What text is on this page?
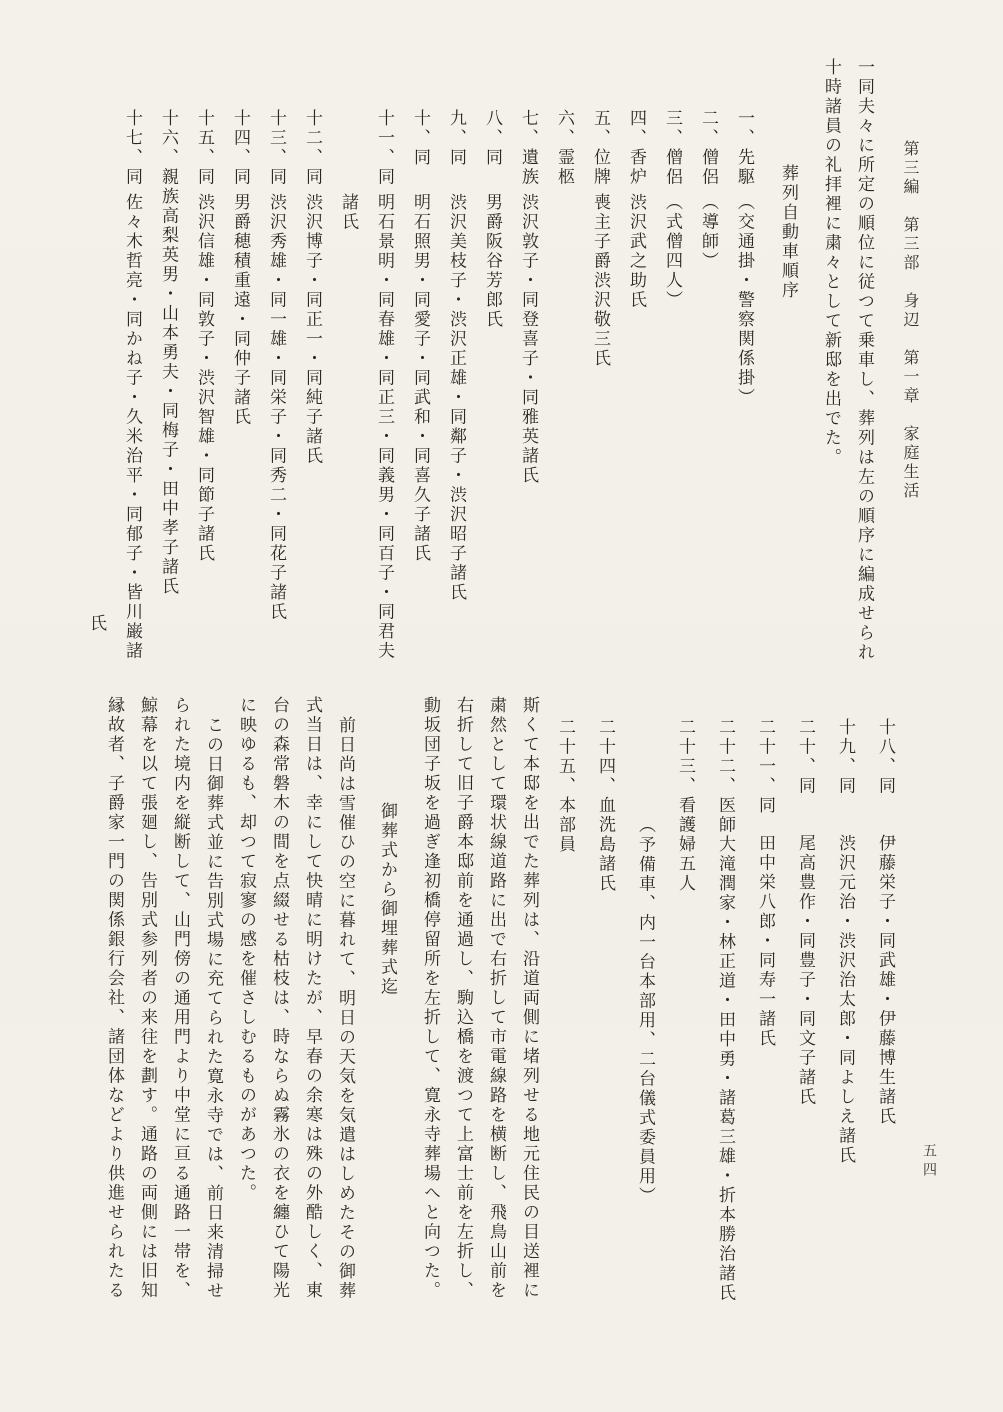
第三編　第三部　身辺　第一章　家庭生活
五四

一同夫々に所定の順位に従つて乗車し、葬列は左の順序に編成せられ十時諸員の礼拝裡に粛々として新邸を出でた。

葬列自動車順序
一、先駆（交通掛・警察関係掛）
二、僧侶（導師）
三、僧侶（式僧四人）
四、香炉渋沢武之助氏
五、位牌喪主子爵渋沢敬三氏
六、霊柩
七、遺族渋沢敦子・同登喜子・同雅英諸氏
八、同男爵阪谷芳郎氏
九、同渋沢美枝子・渋沢正雄・同鄰子・渋沢昭子諸氏
十、同明石照男・同愛子・同武和・同喜久子諸氏
十一、同明石景明・同春雄・同正三・同義男・同百子・同君夫
諸氏
十二、同渋沢博子・同正一・同純子諸氏
十三、同渋沢秀雄・同一雄・同栄子・同秀二・同花子諸氏
十四、同男爵穂積重遠・同仲子諸氏
十五、同渋沢信雄・同敦子・渋沢智雄・同節子諸氏
十六、親族高梨英男・山本勇夫・同梅子・田中孝子諸氏
十七、同佐々木哲亮・同かね子・久米治平・同郁子・皆川巌諸
氏
十八、同伊藤栄子・同武雄・伊藤博生諸氏
十九、同渋沢元治・渋沢治太郎・同よしえ諸氏
二十、同尾高豊作・同豊子・同文子諸氏
二十一、同田中栄八郎・同寿一諸氏
二十二、医師大滝潤家・林正道・田中勇・諸葛三雄・折本勝治諸氏
二十三、看護婦五人
（予備車、内一台本部用、二台儀式委員用）
二十四、血洗島諸氏
二十五、本部員

斯くて本邸を出でた葬列は、沿道両側に堵列せる地元住民の目送裡に粛然として環状線道路に出で右折して市電線路を横断し、飛鳥山前を右折して旧子爵本邸前を通過し、駒込橋を渡つて上富士前を左折し、動坂団子坂を過ぎ逢初橋停留所を左折して、寛永寺葬場へと向つた。

御葬式から御埋葬式迄

前日尚は雪催ひの空に暮れて、明日の天気を気遣はしめたその御葬式当日は、幸にして快晴に明けたが、早春の余寒は殊の外酷しく、東台の森常磐木の間を点綴せる枯枝は、時ならぬ霧氷の衣を纏ひて陽光に映ゆるも、却つて寂寥の感を催さしむるものがあつた。

この日御葬式並に告別式場に充てられた寛永寺では、前日来清掃せられた境内を縦断して、山門傍の通用門より中堂に亘る通路一帯を、鯨幕を以て張廻し、告別式参列者の来往を劃す。通路の両側には旧知縁故者、子爵家一門の関係銀行会社、諸団体などより供進せられたる
